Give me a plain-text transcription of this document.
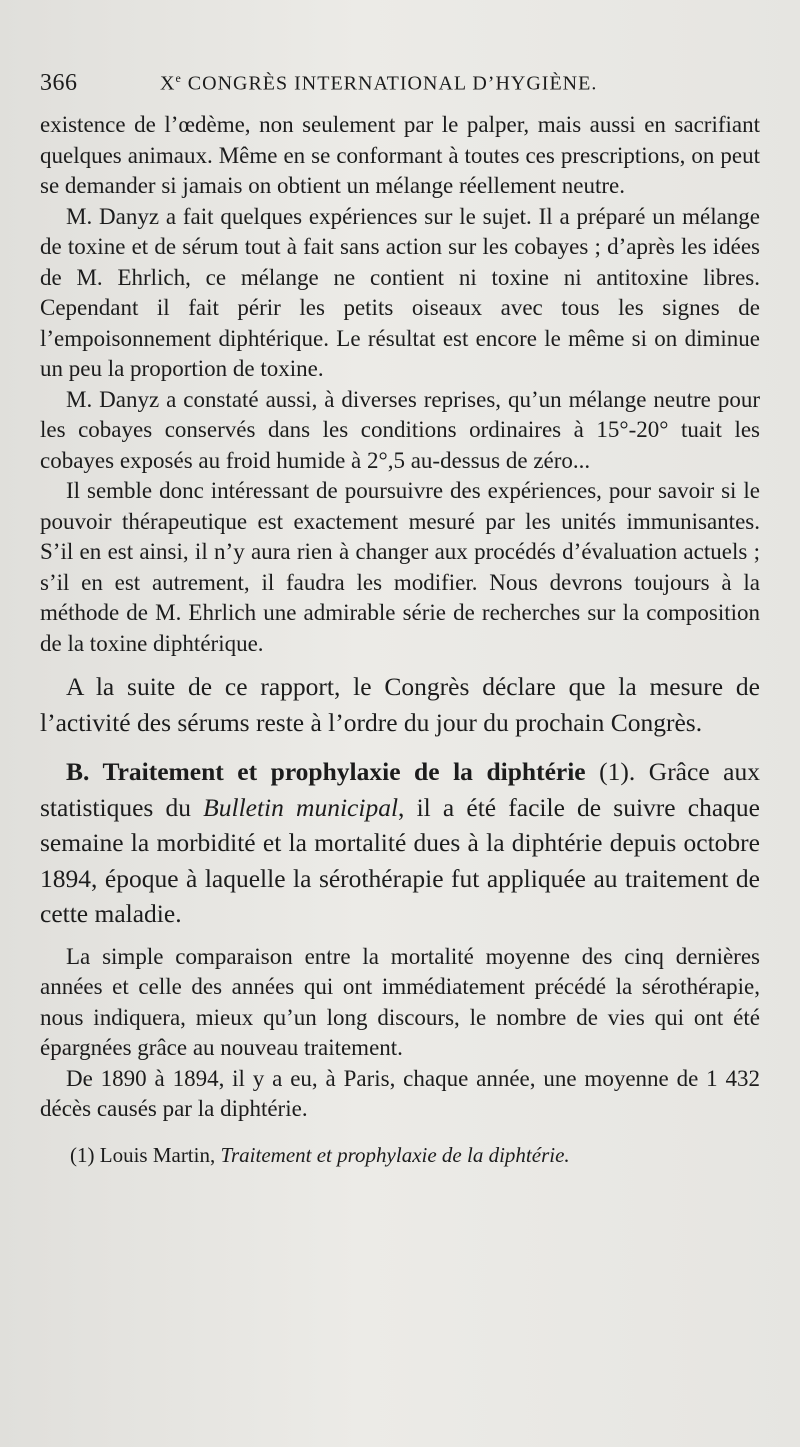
366	Xe CONGRÈS INTERNATIONAL D’HYGIÈNE.

existence de l’œdème, non seulement par le palper, mais aussi en sacrifiant quelques animaux. Même en se conformant à toutes ces prescriptions, on peut se demander si jamais on obtient un mélange réellement neutre.

M. Danyz a fait quelques expériences sur le sujet. Il a préparé un mélange de toxine et de sérum tout à fait sans action sur les cobayes ; d’après les idées de M. Ehrlich, ce mélange ne contient ni toxine ni antitoxine libres. Cependant il fait périr les petits oiseaux avec tous les signes de l’empoisonnement diphtérique. Le résultat est encore le même si on diminue un peu la proportion de toxine.

M. Danyz a constaté aussi, à diverses reprises, qu’un mélange neutre pour les cobayes conservés dans les conditions ordinaires à 15°-20° tuait les cobayes exposés au froid humide à 2°,5 au-dessus de zéro...

Il semble donc intéressant de poursuivre des expériences, pour savoir si le pouvoir thérapeutique est exactement mesuré par les unités immunisantes. S’il en est ainsi, il n’y aura rien à changer aux procédés d’évaluation actuels ; s’il en est autrement, il faudra les modifier. Nous devrons toujours à la méthode de M. Ehrlich une admirable série de recherches sur la composition de la toxine diphtérique.

A la suite de ce rapport, le Congrès déclare que la mesure de l’activité des sérums reste à l’ordre du jour du prochain Congrès.

B. Traitement et prophylaxie de la diphtérie (1). Grâce aux statistiques du Bulletin municipal, il a été facile de suivre chaque semaine la morbidité et la mortalité dues à la diphtérie depuis octobre 1894, époque à laquelle la sérothérapie fut appliquée au traitement de cette maladie.

La simple comparaison entre la mortalité moyenne des cinq dernières années et celle des années qui ont immédiatement précédé la sérothérapie, nous indiquera, mieux qu’un long discours, le nombre de vies qui ont été épargnées grâce au nouveau traitement.

De 1890 à 1894, il y a eu, à Paris, chaque année, une moyenne de 1 432 décès causés par la diphtérie.

(1) Louis Martin, Traitement et prophylaxie de la diphtérie.
